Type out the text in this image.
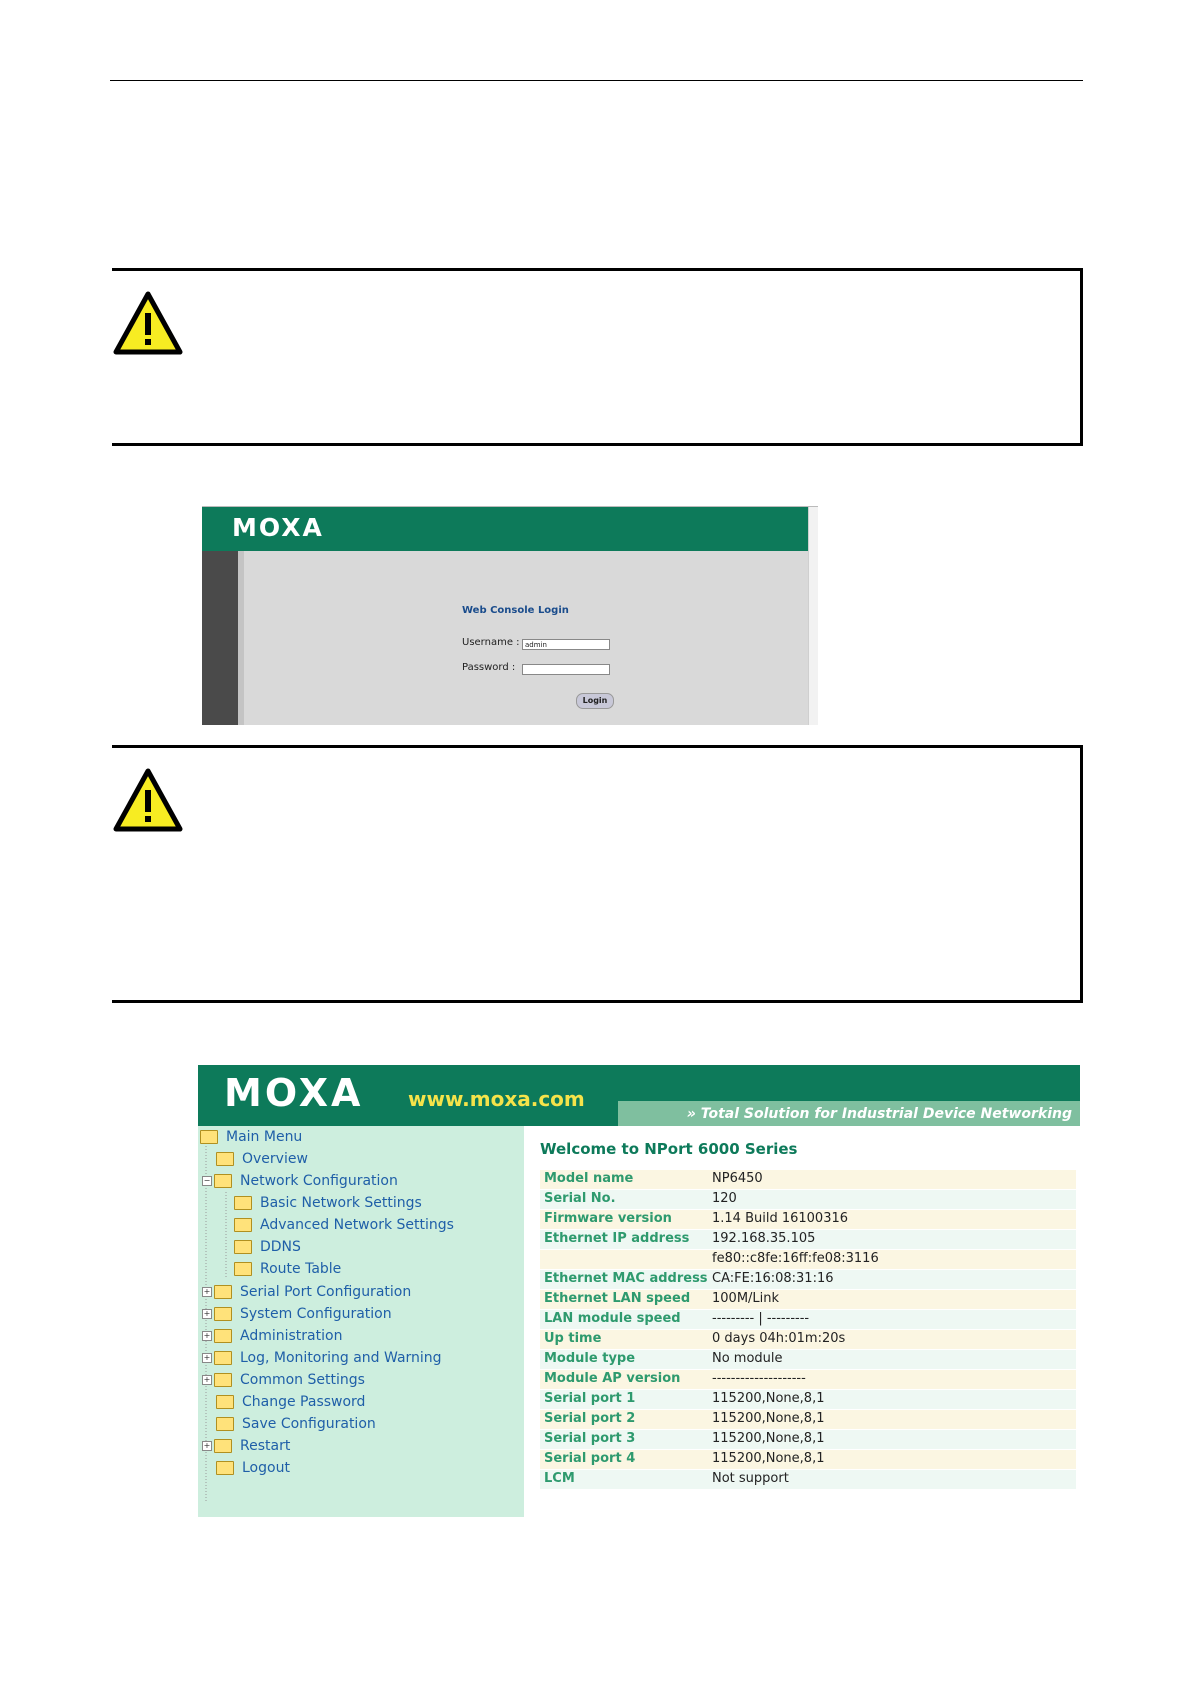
MOXA
Web Console Login
Username : admin
Password :
Login
MOXA www.moxa.com
» Total Solution for Industrial Device Networking
Main Menu
Overview
− Network Configuration
Basic Network Settings
Advanced Network Settings
DDNS
Route Table
+ Serial Port Configuration
+ System Configuration
+ Administration
+ Log, Monitoring and Warning
+ Common Settings
Change Password
Save Configuration
+ Restart
Logout
Welcome to NPort 6000 Series
Model name	NP6450
Serial No.	120
Firmware version	1.14 Build 16100316
Ethernet IP address 192.168.35.105
fe80::c8fe:16ff:fe08:3116
Ethernet MAC address CA:FE:16:08:31:16
Ethernet LAN speed 100M/Link
LAN module speed --------- | ---------
Up time	0 days 04h:01m:20s
Module type	No module
Module AP version --------------------
Serial port 1	115200,None,8,1
Serial port 2	115200,None,8,1
Serial port 3	115200,None,8,1
Serial port 4	115200,None,8,1
LCM	Not support
